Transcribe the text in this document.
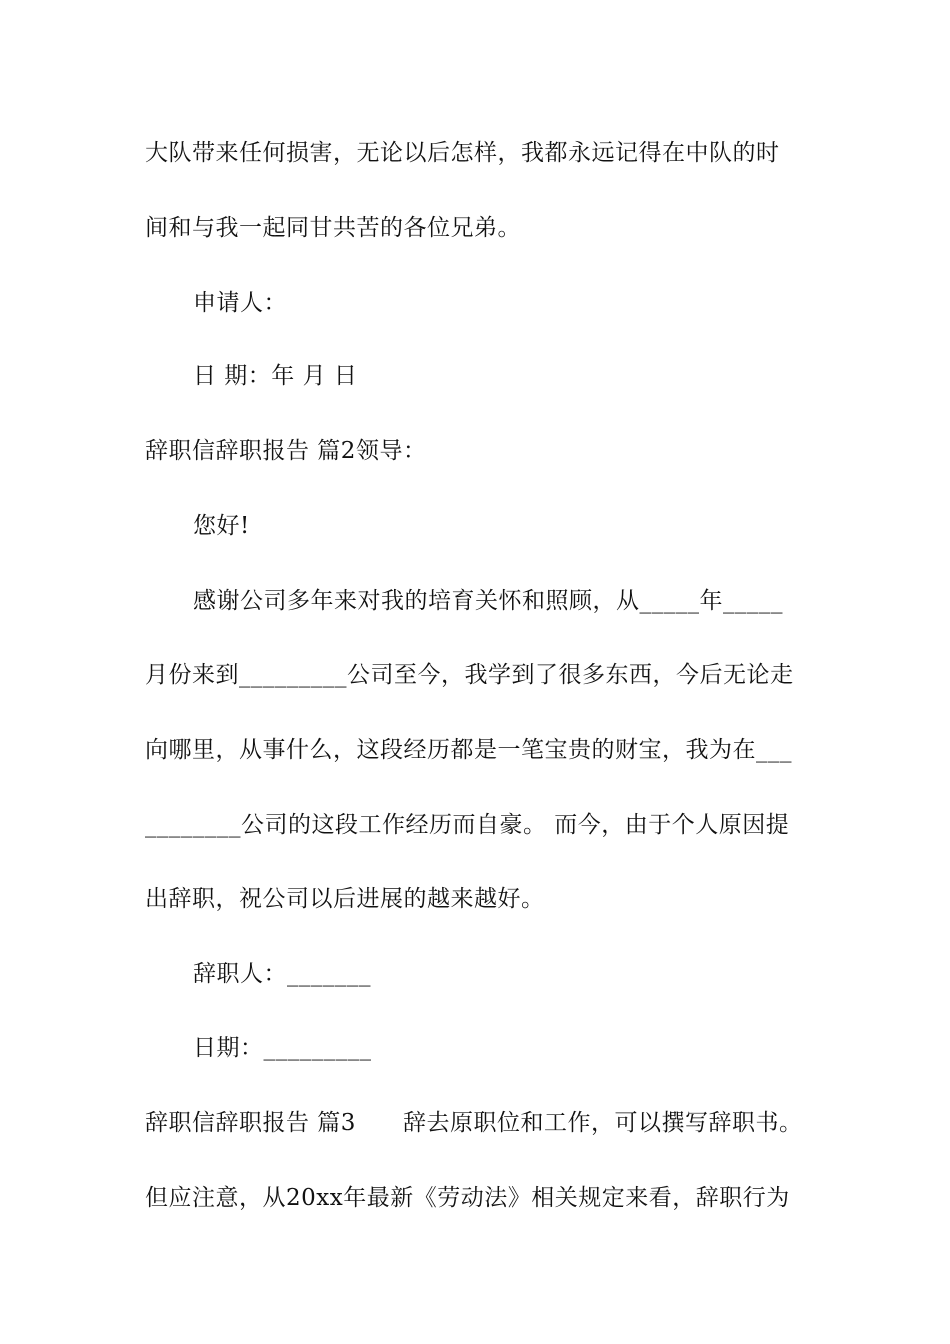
大队带来任何损害，无论以后怎样，我都永远记得在中队的时
间和与我一起同甘共苦的各位兄弟。
申请人：
日 期：年 月 日
辞职信辞职报告 篇2领导：
您好!
感谢公司多年来对我的培育关怀和照顾，从_____年_____
月份来到_________公司至今，我学到了很多东西，今后无论走
向哪里，从事什么，这段经历都是一笔宝贵的财宝，我为在___
________公司的这段工作经历而自豪。 而今，由于个人原因提
出辞职，祝公司以后进展的越来越好。
辞职人：_______
日期：_________
辞职信辞职报告 篇3　　辞去原职位和工作，可以撰写辞职书。
但应注意，从20xx年最新《劳动法》相关规定来看，辞职行为
